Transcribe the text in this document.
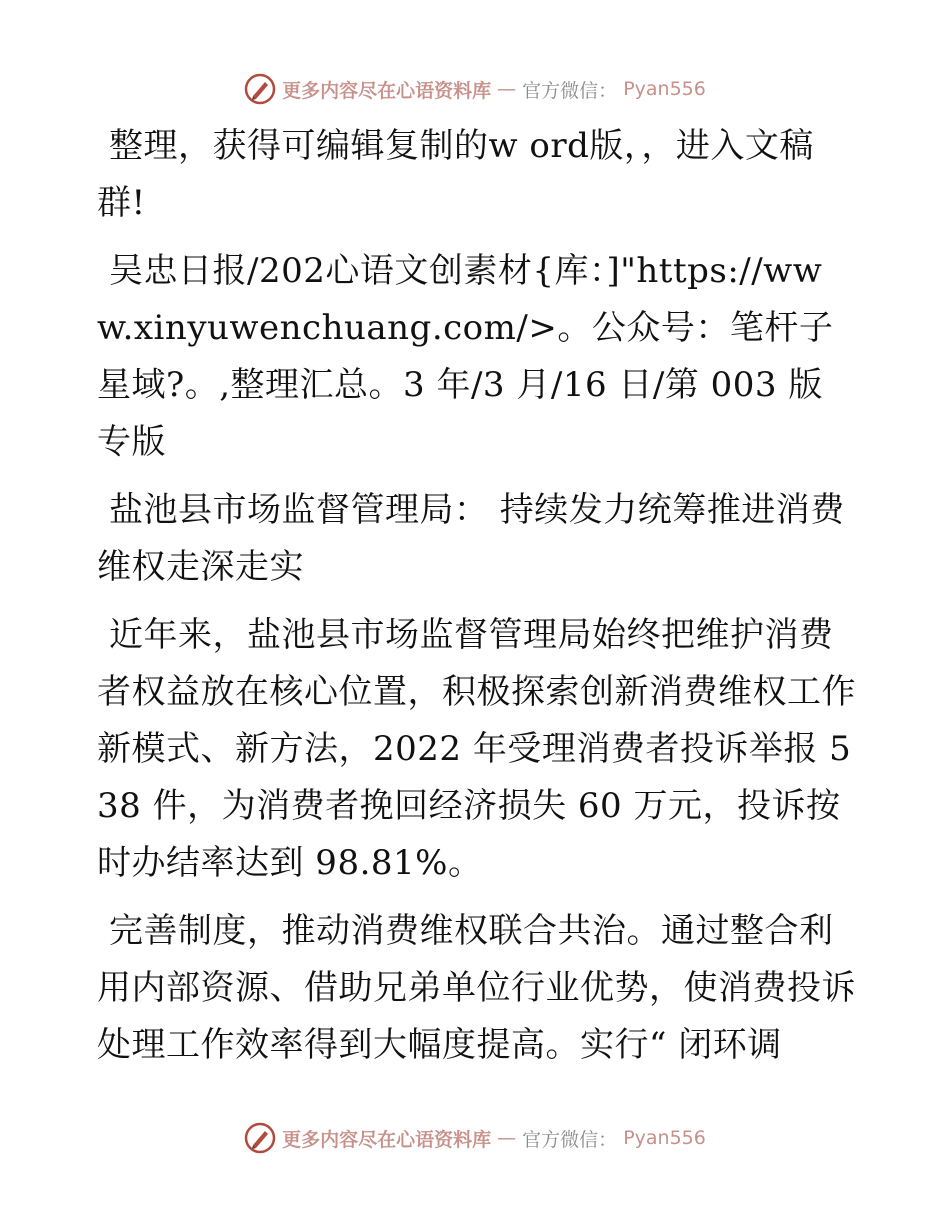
更多内容尽在心语资料库 — 官方微信： Pyan556

整理，获得可编辑复制的w ord版，，进入文稿群!

吴忠日报/202心语文创素材{库：]"https://www.xinyuwenchuang.com/>。公众号：笔杆子星域?。,整理汇总。3 年/3 月/16 日/第 003 版专版

盐池县市场监督管理局： 持续发力统筹推进消费维权走深走实

近年来，盐池县市场监督管理局始终把维护消费者权益放在核心位置，积极探索创新消费维权工作新模式、新方法，2022 年受理消费者投诉举报 538 件，为消费者挽回经济损失 60 万元，投诉按时办结率达到 98.81%。

完善制度，推动消费维权联合共治。通过整合利用内部资源、借助兄弟单位行业优势，使消费投诉处理工作效率得到大幅度提高。实行“ 闭环调

更多内容尽在心语资料库 — 官方微信： Pyan556
